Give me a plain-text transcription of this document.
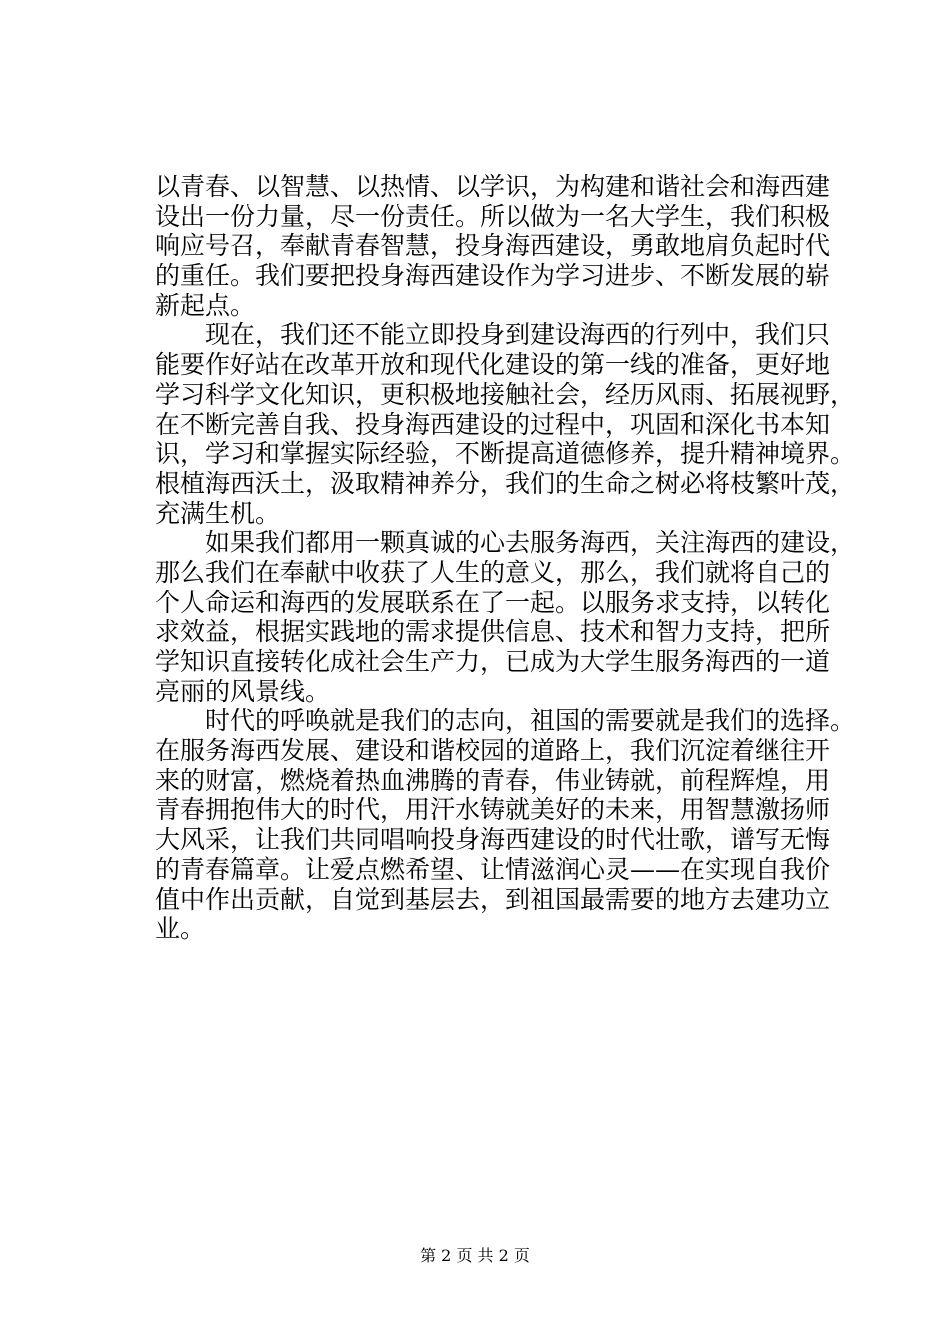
以青春、以智慧、以热情、以学识，为构建和谐社会和海西建
设出一份力量，尽一份责任。所以做为一名大学生，我们积极
响应号召，奉献青春智慧，投身海西建设，勇敢地肩负起时代
的重任。我们要把投身海西建设作为学习进步、不断发展的崭
新起点。
现在，我们还不能立即投身到建设海西的行列中，我们只
能要作好站在改革开放和现代化建设的第一线的准备，更好地
学习科学文化知识，更积极地接触社会，经历风雨、拓展视野，
在不断完善自我、投身海西建设的过程中，巩固和深化书本知
识，学习和掌握实际经验，不断提高道德修养，提升精神境界。
根植海西沃土，汲取精神养分，我们的生命之树必将枝繁叶茂，
充满生机。
如果我们都用一颗真诚的心去服务海西，关注海西的建设，
那么我们在奉献中收获了人生的意义，那么，我们就将自己的
个人命运和海西的发展联系在了一起。以服务求支持，以转化
求效益，根据实践地的需求提供信息、技术和智力支持，把所
学知识直接转化成社会生产力，已成为大学生服务海西的一道
亮丽的风景线。
时代的呼唤就是我们的志向，祖国的需要就是我们的选择。
在服务海西发展、建设和谐校园的道路上，我们沉淀着继往开
来的财富，燃烧着热血沸腾的青春，伟业铸就，前程辉煌，用
青春拥抱伟大的时代，用汗水铸就美好的未来，用智慧激扬师
大风采，让我们共同唱响投身海西建设的时代壮歌，谱写无悔
的青春篇章。让爱点燃希望、让情滋润心灵——在实现自我价
值中作出贡献，自觉到基层去，到祖国最需要的地方去建功立
业。
第 2 页 共 2 页
